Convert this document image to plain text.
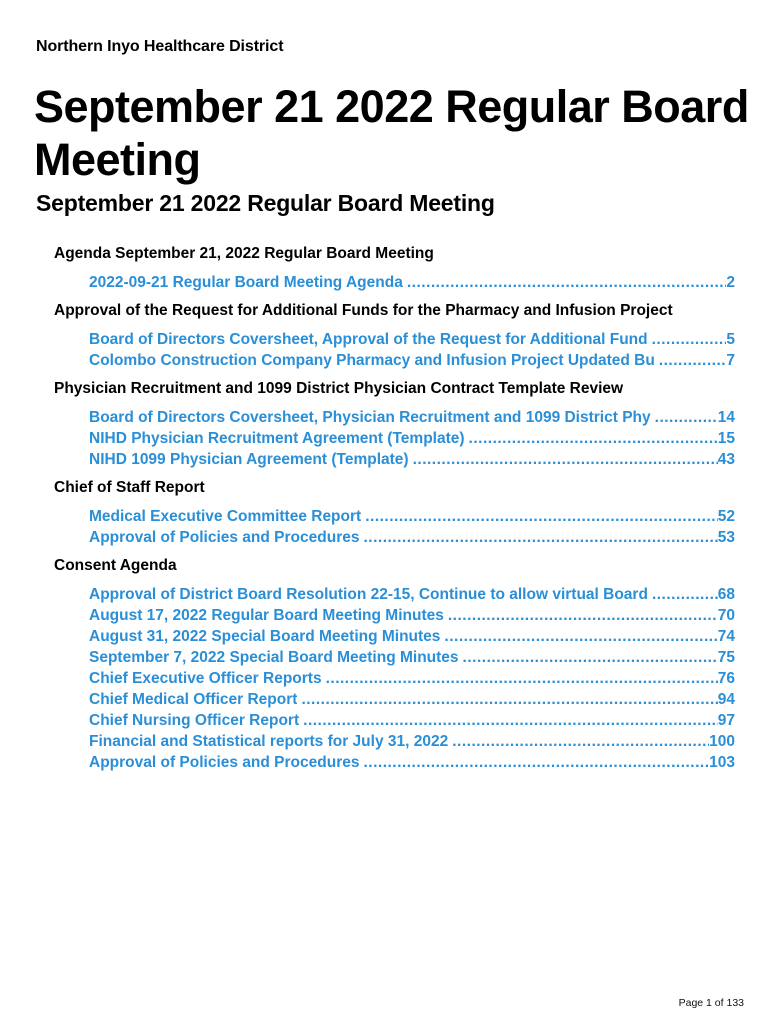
Northern Inyo Healthcare District
September 21 2022 Regular Board Meeting
September 21 2022 Regular Board Meeting
Agenda September 21, 2022 Regular Board Meeting
2022-09-21 Regular Board Meeting Agenda .....	2
Approval of the Request for Additional Funds for the Pharmacy and Infusion Project
Board of Directors Coversheet, Approval of the Request for Additional Fund .....	5
Colombo Construction Company Pharmacy and Infusion Project Updated Bu .....	7
Physician Recruitment and 1099 District Physician Contract Template Review
Board of Directors Coversheet, Physician Recruitment and 1099 District Phy .....	14
NIHD Physician Recruitment Agreement (Template) .....	15
NIHD 1099 Physician Agreement (Template) .....	43
Chief of Staff Report
Medical Executive Committee Report .....	52
Approval of Policies and Procedures .....	53
Consent Agenda
Approval of District Board Resolution 22-15, Continue to allow virtual Board .....	68
August 17, 2022 Regular Board Meeting Minutes .....	70
August 31, 2022 Special Board Meeting Minutes .....	74
September 7, 2022 Special Board Meeting Minutes .....	75
Chief Executive Officer Reports .....	76
Chief Medical Officer Report .....	94
Chief Nursing Officer Report .....	97
Financial and Statistical reports for July 31, 2022 .....	100
Approval of Policies and Procedures .....	103
Page 1 of 133
